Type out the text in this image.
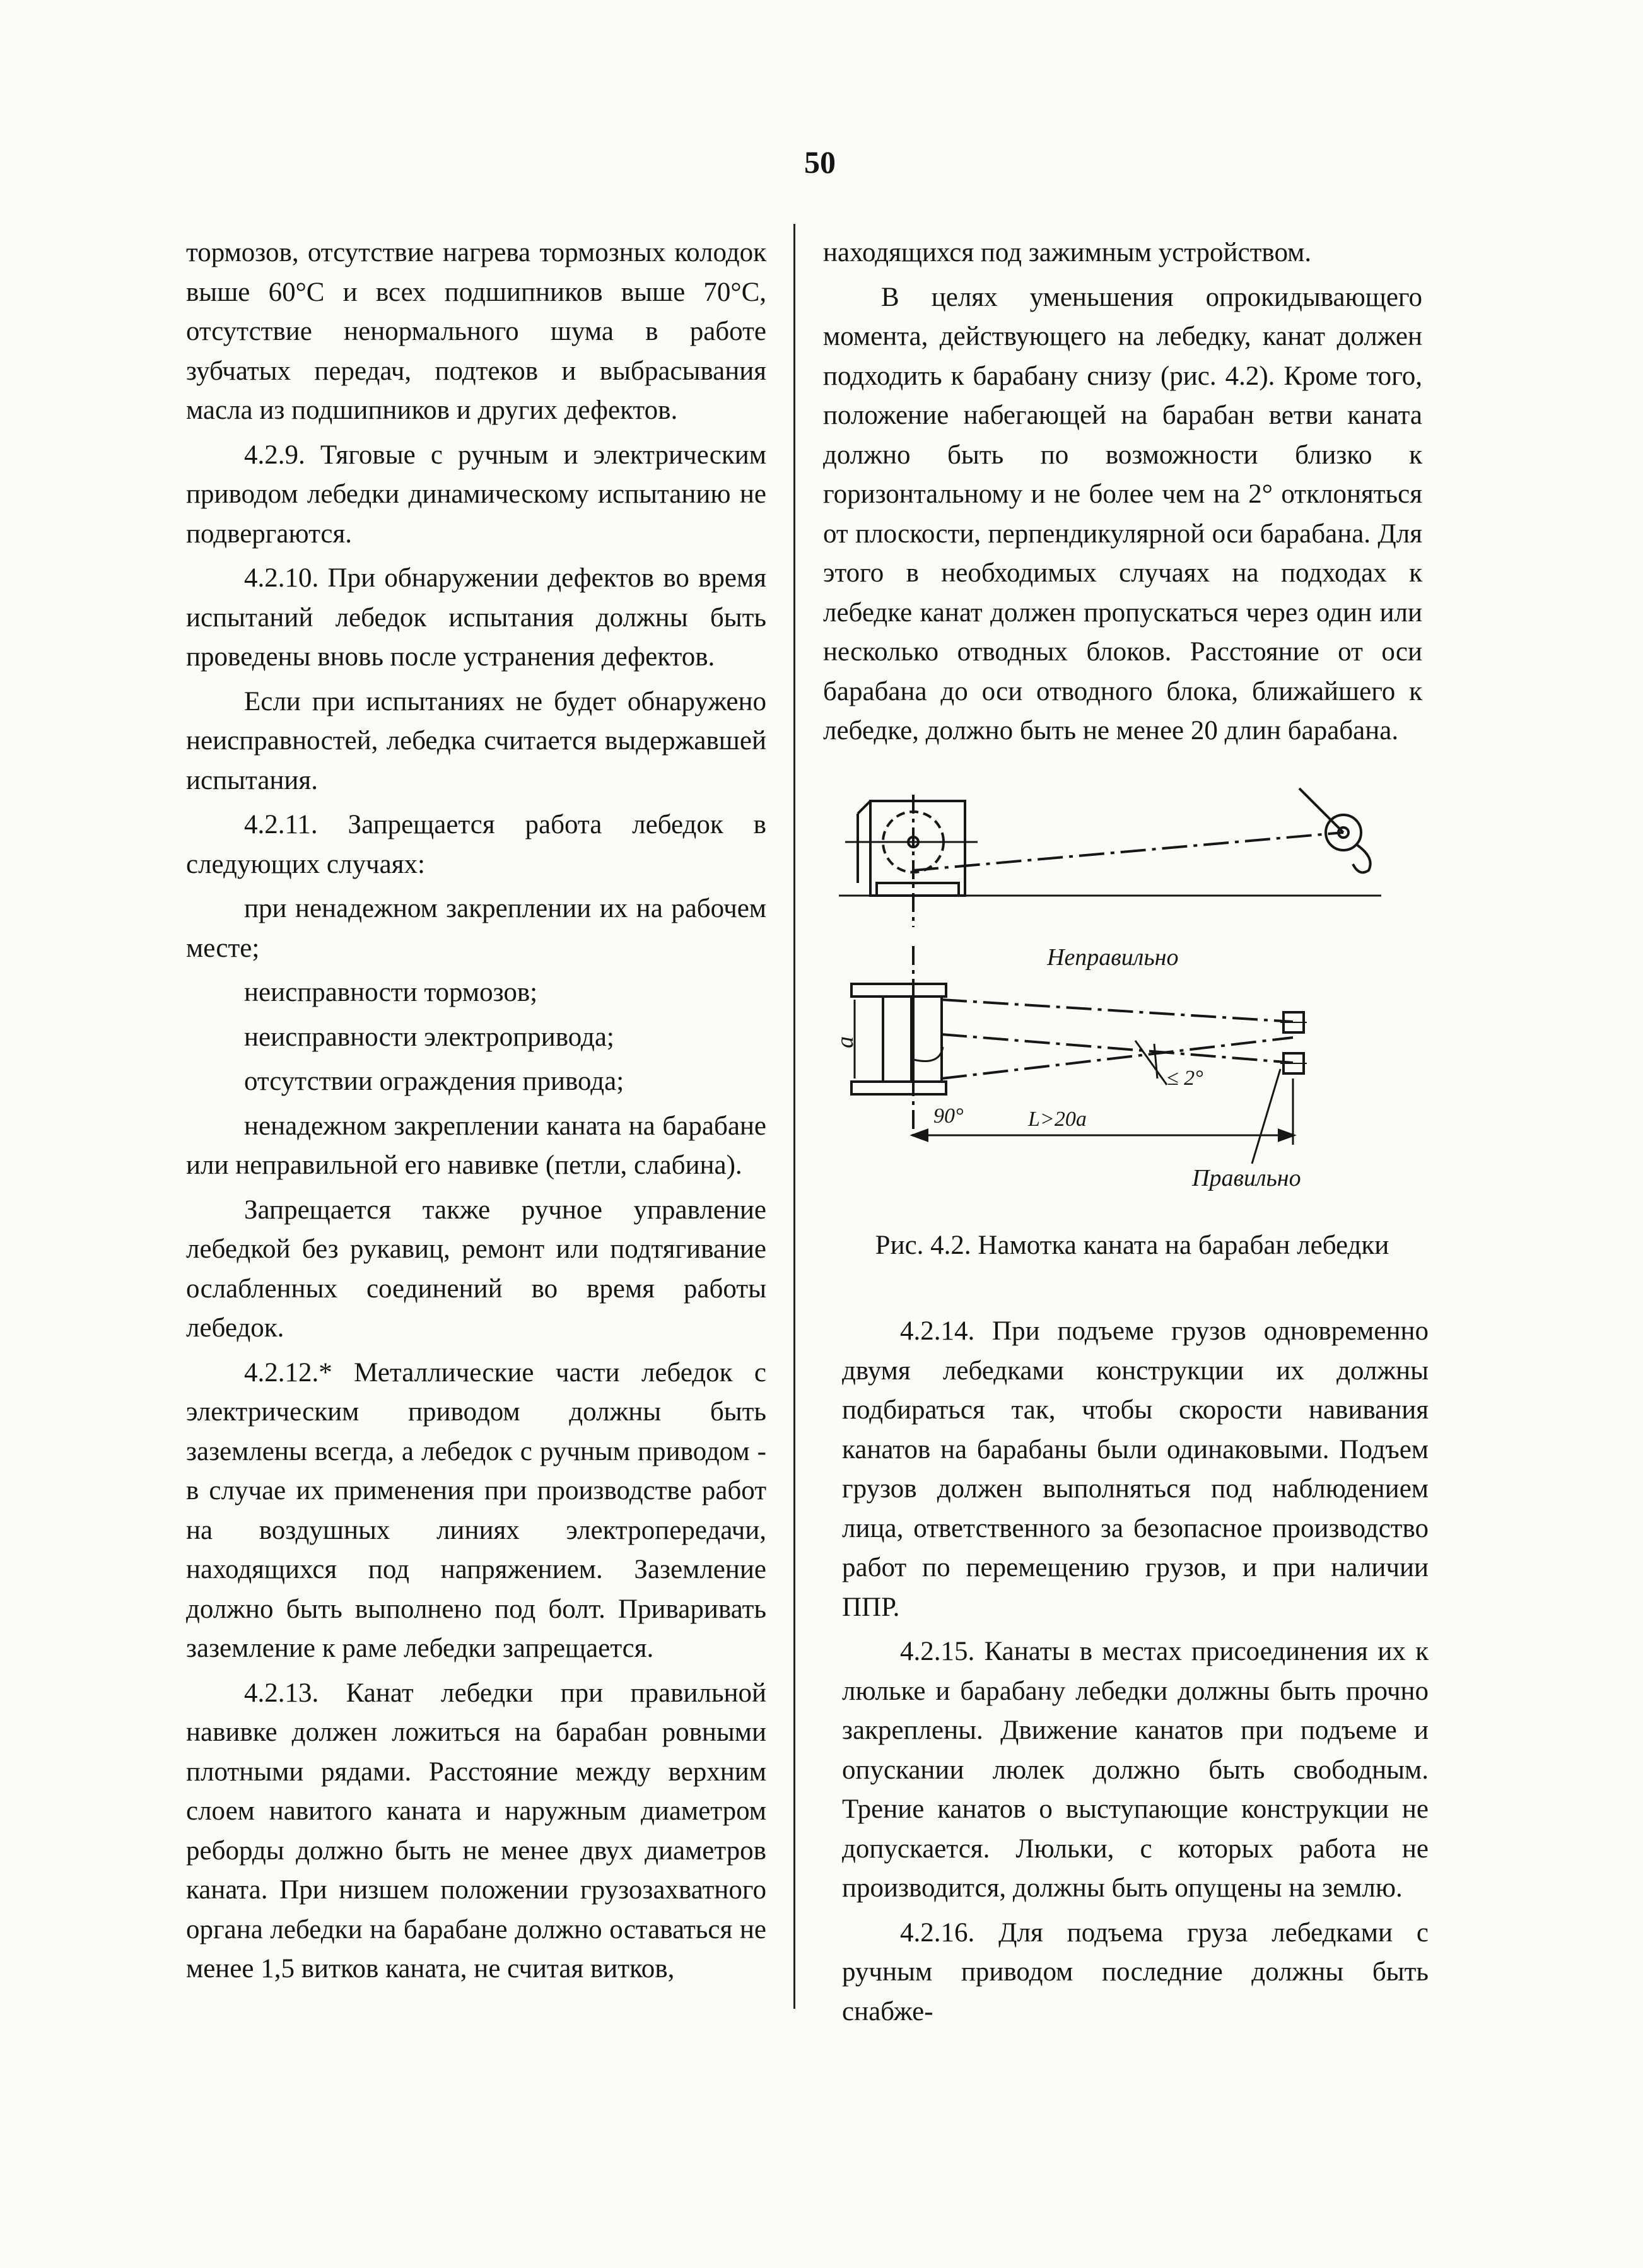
50

тормозов, отсутствие нагрева тормозных колодок выше 60°С и всех подшипников выше 70°С, отсутствие ненормального шума в работе зубчатых передач, подтеков и выбрасывания масла из подшипников и других дефектов.

4.2.9. Тяговые с ручным и электрическим приводом лебедки динамическому испытанию не подвергаются.

4.2.10. При обнаружении дефектов во время испытаний лебедок испытания должны быть проведены вновь после устранения дефектов.

Если при испытаниях не будет обнаружено неисправностей, лебедка считается выдержавшей испытания.

4.2.11. Запрещается работа лебедок в следующих случаях:

при ненадежном закреплении их на рабочем месте;

неисправности тормозов;

неисправности электропривода;

отсутствии ограждения привода;

ненадежном закреплении каната на барабане или неправильной его навивке (петли, слабина).

Запрещается также ручное управление лебедкой без рукавиц, ремонт или подтягивание ослабленных соединений во время работы лебедок.

4.2.12.* Металлические части лебедок с электрическим приводом должны быть заземлены всегда, а лебедок с ручным приводом - в случае их применения при производстве работ на воздушных линиях электропередачи, находящихся под напряжением. Заземление должно быть выполнено под болт. Приваривать заземление к раме лебедки запрещается.

4.2.13. Канат лебедки при правильной навивке должен ложиться на барабан ровными плотными рядами. Расстояние между верхним слоем навитого каната и наружным диаметром реборды должно быть не менее двух диаметров каната. При низшем положении грузозахватного органа лебедки на барабане должно оставаться не менее 1,5 витков каната, не считая витков,

находящихся под зажимным устройством.

В целях уменьшения опрокидывающего момента, действующего на лебедку, канат должен подходить к барабану снизу (рис. 4.2). Кроме того, положение набегающей на барабан ветви каната должно быть по возможности близко к горизонтальному и не более чем на 2° отклоняться от плоскости, перпендикулярной оси барабана. Для этого в необходимых случаях на подходах к лебедке канат должен пропускаться через один или несколько отводных блоков. Расстояние от оси барабана до оси отводного блока, ближайшего к лебедке, должно быть не менее 20 длин барабана.

Неправильно
Правильно
a
90°	L>20a
≤ 2°
Рис. 4.2. Намотка каната на барабан лебедки

4.2.14. При подъеме грузов одновременно двумя лебедками конструкции их должны подбираться так, чтобы скорости навивания канатов на барабаны были одинаковыми. Подъем грузов должен выполняться под наблюдением лица, ответственного за безопасное производство работ по перемещению грузов, и при наличии ППР.

4.2.15. Канаты в местах присоединения их к люльке и барабану лебедки должны быть прочно закреплены. Движение канатов при подъеме и опускании люлек должно быть свободным. Трение канатов о выступающие конструкции не допускается. Люльки, с которых работа не производится, должны быть опущены на землю.

4.2.16. Для подъема груза лебедками с ручным приводом последние должны быть снабже-
